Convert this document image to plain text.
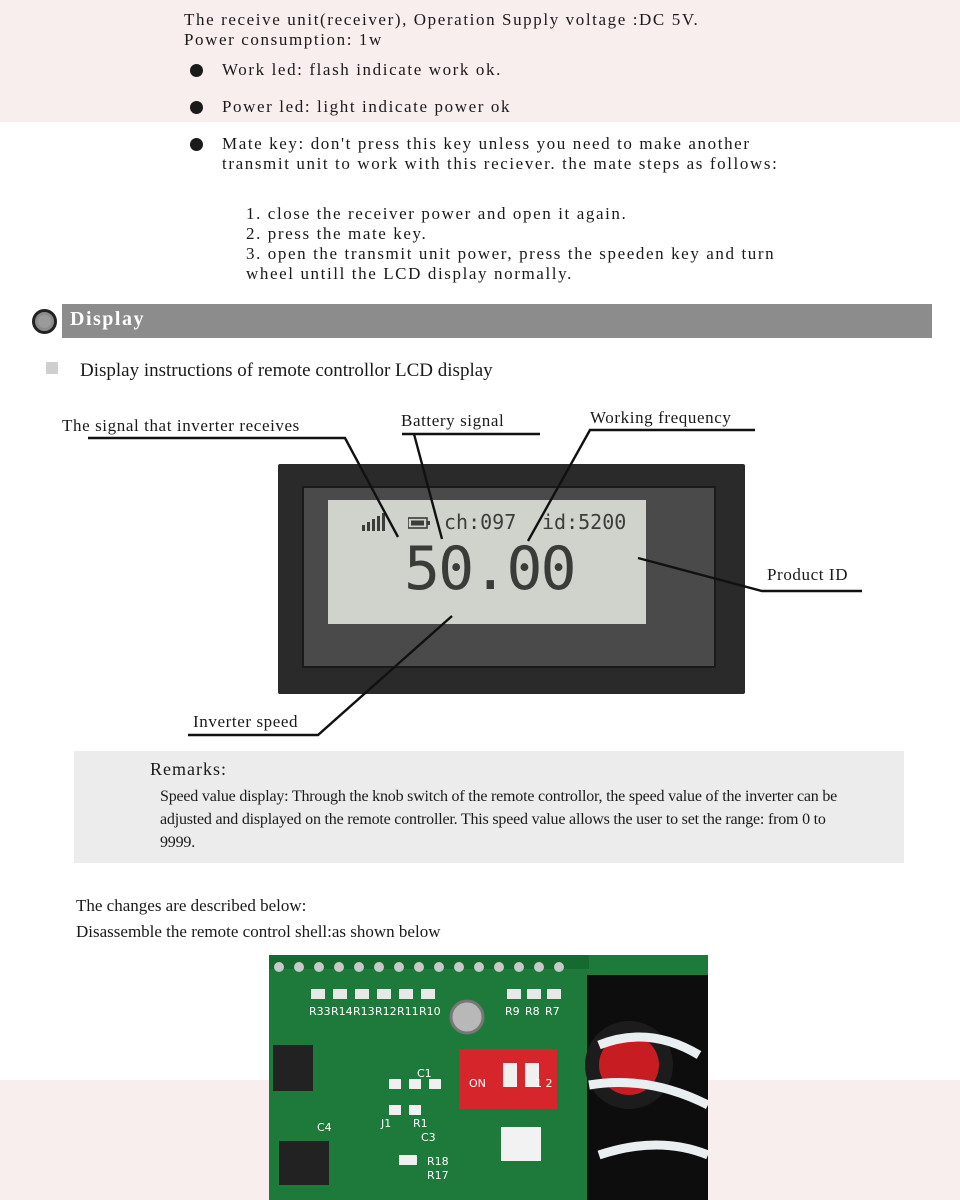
The receive unit(receiver), Operation Supply voltage :DC 5V.
Power consumption: 1w
Work led: flash indicate work ok.
Power led: light indicate power ok
Mate key: don't press this key unless you need to make another transmit unit to work with this reciever. the mate steps as follows:
1. close the receiver power and open it again.
2. press the mate key.
3. open the transmit unit power, press the speeden key and turn wheel untill the LCD display normally.
Display
Display instructions of remote controllor LCD display
The signal that inverter receives	Battery signal	Working frequency
Product ID
Inverter speed
ch:097 id:5200
50.00
Remarks:
Speed value display: Through the knob switch of the remote controllor, the speed value of the inverter can be adjusted and displayed on the remote controller. This speed value allows the user to set the range: from 0 to 9999.
The changes are described below:
Disassemble the remote control shell:as shown below
R33 R14 R13 R12 R11 R10	R9 R8 R7
C1
C4	J1 R1
R18
R17
C3
ON	1 2
